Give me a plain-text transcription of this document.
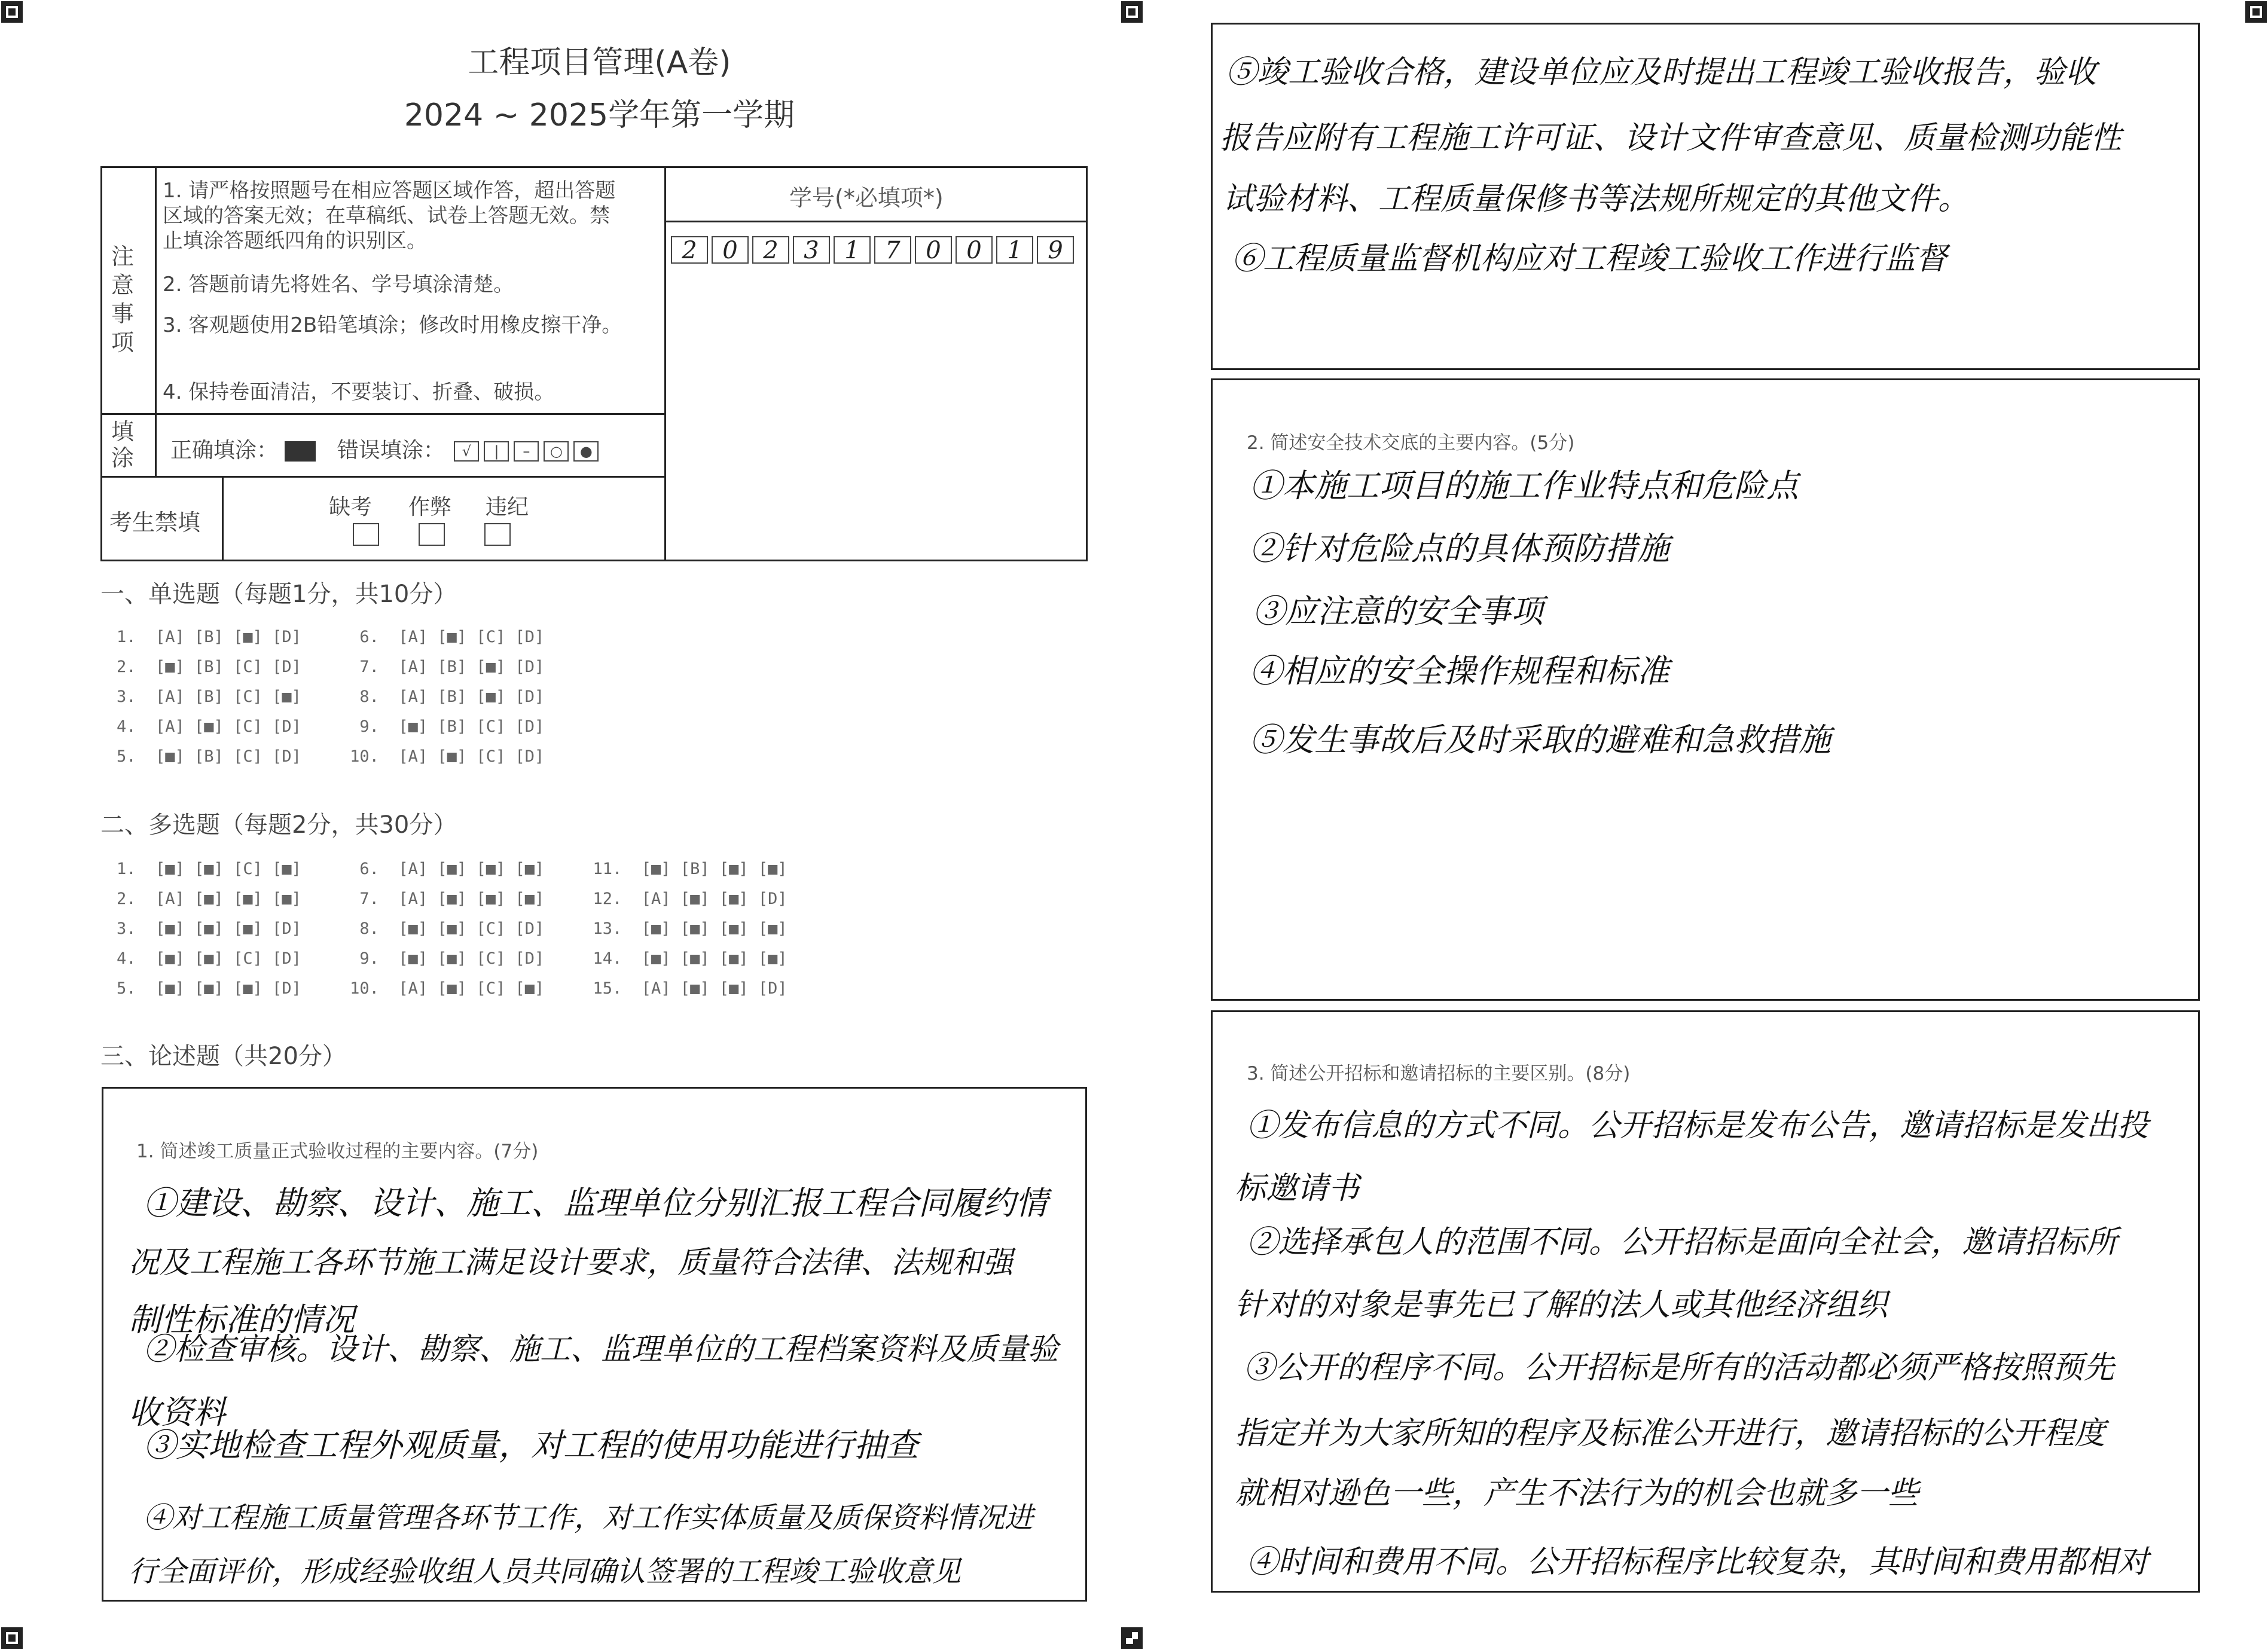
工程项目管理(A卷)
2024 ~ 2025学年第一学期
注意事项
1. 请严格按照题号在相应答题区域作答，超出答题区域的答案无效；在草稿纸、试卷上答题无效。禁止填涂答题纸四角的识别区。
2. 答题前请先将姓名、学号填涂清楚。
3. 客观题使用2B铅笔填涂；修改时用橡皮擦干净。
4. 保持卷面清洁，不要装订、折叠、破损。
填涂 正确填涂：	错误填涂： √ | – ○ ●
考生禁填
缺考 作弊 违纪
学号(*必填项*)
2	0	2	3	1	7	0	0	1	9
一、单选题（每题1分，共10分）
1.  [A] [B] [■] [D]      6.  [A] [■] [C] [D]
2.  [■] [B] [C] [D]      7.  [A] [B] [■] [D]
3.  [A] [B] [C] [■]      8.  [A] [B] [■] [D]
4.  [A] [■] [C] [D]      9.  [■] [B] [C] [D]
5.  [■] [B] [C] [D]     10.  [A] [■] [C] [D]
二、多选题（每题2分，共30分）
1.  [■] [■] [C] [■]      6.  [A] [■] [■] [■]     11.  [■] [B] [■] [■]
2.  [A] [■] [■] [■]      7.  [A] [■] [■] [■]     12.  [A] [■] [■] [D]
3.  [■] [■] [■] [D]      8.  [■] [■] [C] [D]     13.  [■] [■] [■] [■]
4.  [■] [■] [C] [D]      9.  [■] [■] [C] [D]     14.  [■] [■] [■] [■]
5.  [■] [■] [■] [D]     10.  [A] [■] [C] [■]     15.  [A] [■] [■] [D]
三、论述题（共20分）
1. 简述竣工质量正式验收过程的主要内容。(7分)
①建设、勘察、设计、施工、监理单位分别汇报工程合同履约情
况及工程施工各环节施工满足设计要求，质量符合法律、法规和强
制性标准的情况
②检查审核。设计、勘察、施工、监理单位的工程档案资料及质量验
收资料
③实地检查工程外观质量，对工程的使用功能进行抽查
④对工程施工质量管理各环节工作，对工作实体质量及质保资料情况进
行全面评价，形成经验收组人员共同确认签署的工程竣工验收意见
⑤竣工验收合格，建设单位应及时提出工程竣工验收报告，验收
报告应附有工程施工许可证、设计文件审查意见、质量检测功能性
试验材料、工程质量保修书等法规所规定的其他文件。
⑥工程质量监督机构应对工程竣工验收工作进行监督
2. 简述安全技术交底的主要内容。(5分)
①本施工项目的施工作业特点和危险点
②针对危险点的具体预防措施
③应注意的安全事项
④相应的安全操作规程和标准
⑤发生事故后及时采取的避难和急救措施
3. 简述公开招标和邀请招标的主要区别。(8分)
①发布信息的方式不同。公开招标是发布公告，邀请招标是发出投
标邀请书
②选择承包人的范围不同。公开招标是面向全社会，邀请招标所
针对的对象是事先已了解的法人或其他经济组织
③公开的程序不同。公开招标是所有的活动都必须严格按照预先
指定并为大家所知的程序及标准公开进行，邀请招标的公开程度
就相对逊色一些，产生不法行为的机会也就多一些
④时间和费用不同。公开招标程序比较复杂，其时间和费用都相对
